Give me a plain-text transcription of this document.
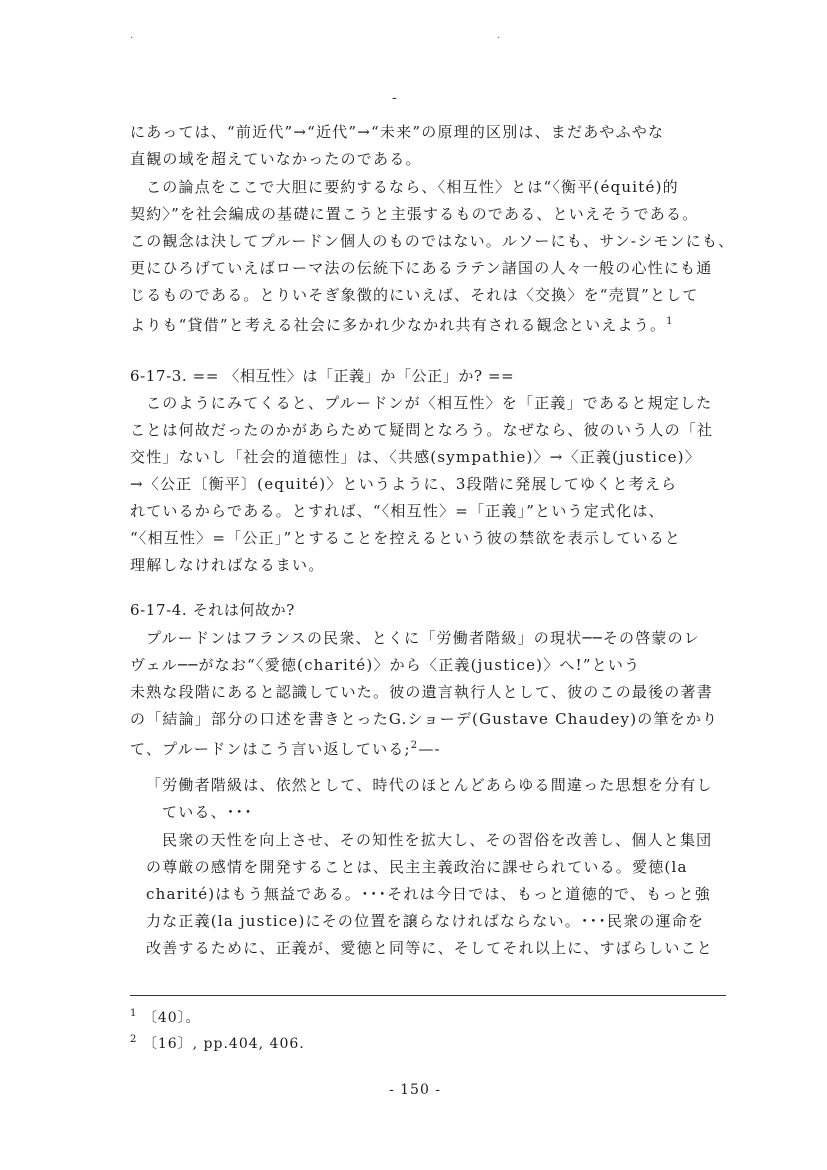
.	.
-
にあっては、“前近代”→“近代”→“未来”の原理的区別は、まだあやふやな
直観の域を超えていなかったのである。
この論点をここで大胆に要約するなら、〈相互性〉とは“〈衡平(équité)的
契約〉”を社会編成の基礎に置こうと主張するものである、といえそうである。
この観念は決してプルードン個人のものではない。ルソーにも、サン-シモンにも、
更にひろげていえばローマ法の伝統下にあるラテン諸国の人々一般の心性にも通
じるものである。とりいそぎ象徴的にいえば、それは〈交換〉を“売買”として
よりも“貸借”と考える社会に多かれ少なかれ共有される観念といえよう。$^1$
6-17-3. == 〈相互性〉は「正義」か「公正」か? ==
このようにみてくると、プルードンが〈相互性〉を「正義」であると規定した
ことは何故だったのかがあらためて疑問となろう。なぜなら、彼のいう人の「社
交性」ないし「社会的道徳性」は、〈共感(sympathie)〉→〈正義(justice)〉
→〈公正〔衡平〕(equité)〉というように、3段階に発展してゆくと考えら
れているからである。とすれば、“〈相互性〉=「正義」”という定式化は、
“〈相互性〉=「公正」”とすることを控えるという彼の禁欲を表示していると
理解しなければなるまい。
6-17-4. それは何故か?
プルードンはフランスの民衆、とくに「労働者階級」の現状──その啓蒙のレ
ヴェル──がなお“〈愛徳(charité)〉から〈正義(justice)〉へ!”という
未熟な段階にあると認識していた。彼の遺言執行人として、彼のこの最後の著書
の「結論」部分の口述を書きとったG.ショーデ(Gustave Chaudey)の筆をかり
て、プルードンはこう言い返している;$^2$—-
「労働者階級は、依然として、時代のほとんどあらゆる間違った思想を分有し
ている、･･･
民衆の天性を向上させ、その知性を拡大し、その習俗を改善し、個人と集団
の尊厳の感情を開発することは、民主主義政治に課せられている。愛徳(la
charité)はもう無益である。･･･それは今日では、もっと道徳的で、もっと強
力な正義(la justice)にその位置を譲らなければならない。･･･民衆の運命を
改善するために、正義が、愛徳と同等に、そしてそれ以上に、すばらしいこと
$^1$ 〔40〕。
$^2$ 〔16〕, pp.404, 406.
- 150 -
